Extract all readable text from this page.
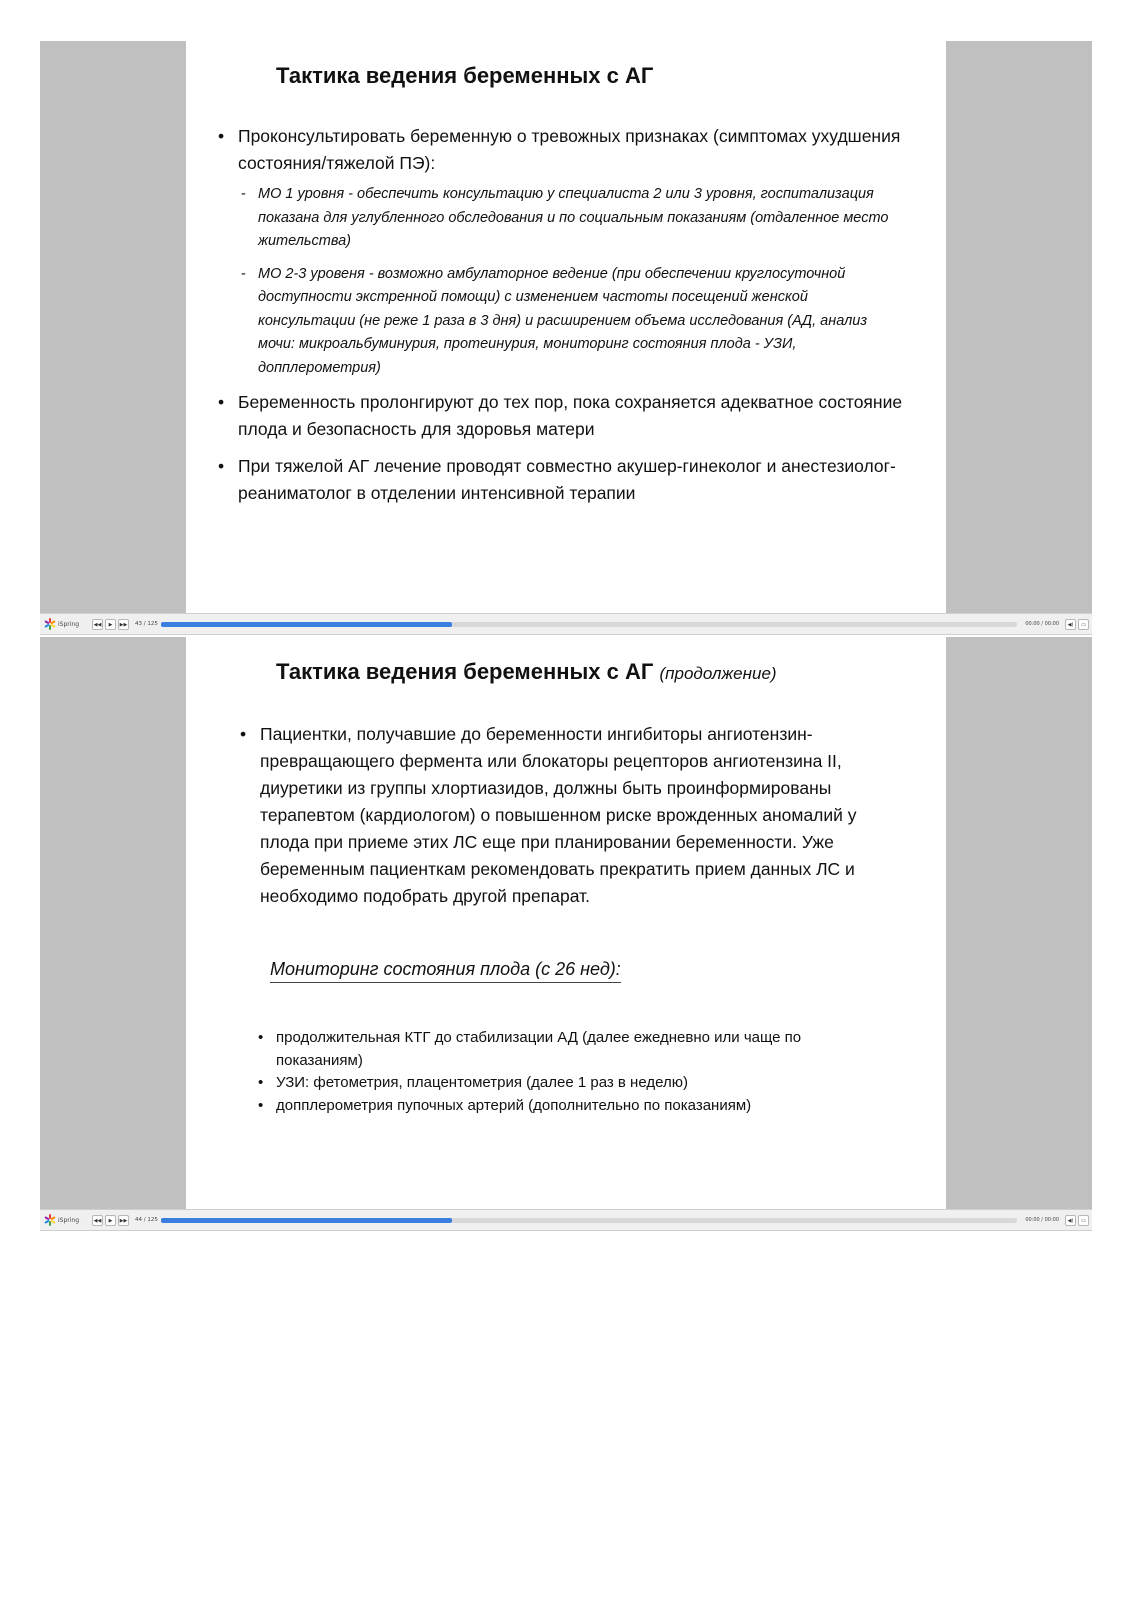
Тактика ведения беременных с АГ
• Проконсультировать беременную о тревожных признаках (симптомах ухудшения состояния/тяжелой ПЭ):
- МО 1 уровня - обеспечить консультацию у специалиста 2 или 3 уровня, госпитализация показана для углубленного обследования и по социальным показаниям (отдаленное место жительства)
- МО 2-3 уровеня - возможно амбулаторное ведение (при обеспечении круглосуточной доступности экстренной помощи) с изменением частоты посещений женской консультации (не реже 1 раза в 3 дня) и расширением объема исследования (АД, анализ мочи: микроальбуминурия, протеинурия, мониторинг состояния плода - УЗИ, допплерометрия)
• Беременность пролонгируют до тех пор, пока сохраняется адекватное состояние плода и безопасность для здоровья матери
• При тяжелой АГ лечение проводят совместно акушер-гинеколог и анестезиолог-реаниматолог в отделении интенсивной терапии
iSpring	◀◀	▶	▶▶	43 / 125	00:00 / 00:00	◀)	▭
Тактика ведения беременных с АГ (продолжение)
• Пациентки, получавшие до беременности ингибиторы ангиотензин-превращающего фермента или блокаторы рецепторов ангиотензина II, диуретики из группы хлортиазидов, должны быть проинформированы терапевтом (кардиологом) о повышенном риске врожденных аномалий у плода при приеме этих ЛС еще при планировании беременности. Уже беременным пациенткам рекомендовать прекратить прием данных ЛС и необходимо подобрать другой препарат.
Мониторинг состояния плода (с 26 нед):
• продолжительная КТГ до стабилизации АД (далее ежедневно или чаще по показаниям)
• УЗИ: фетометрия, плацентометрия (далее 1 раз в неделю)
• допплерометрия пупочных артерий (дополнительно по показаниям)
iSpring	◀◀	▶	▶▶	44 / 125	00:00 / 00:00	◀)	▭
